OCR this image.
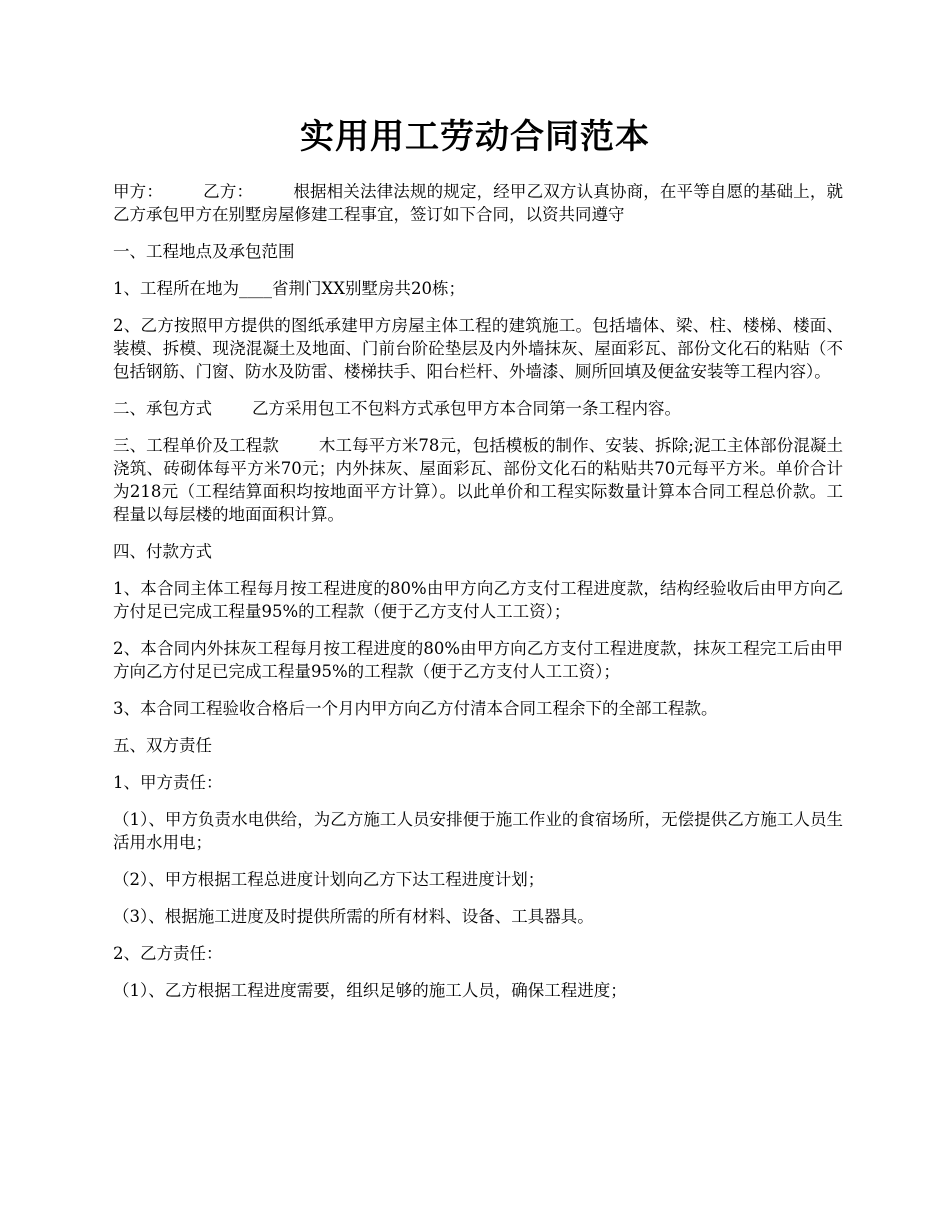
实用用工劳动合同范本

甲方： 乙方： 根据相关法律法规的规定，经甲乙双方认真协商，在平等自愿的基础上，就乙方承包甲方在别墅房屋修建工程事宜，签订如下合同，以资共同遵守

一、工程地点及承包范围

1、工程所在地为____省荆门XX别墅房共20栋；

2、乙方按照甲方提供的图纸承建甲方房屋主体工程的建筑施工。包括墙体、梁、柱、楼梯、楼面、装模、拆模、现浇混凝土及地面、门前台阶砼垫层及内外墙抹灰、屋面彩瓦、部份文化石的粘贴（不包括钢筋、门窗、防水及防雷、楼梯扶手、阳台栏杆、外墙漆、厕所回填及便盆安装等工程内容）。

二、承包方式 乙方采用包工不包料方式承包甲方本合同第一条工程内容。

三、工程单价及工程款 木工每平方米78元，包括模板的制作、安装、拆除;泥工主体部份混凝土浇筑、砖砌体每平方米70元；内外抹灰、屋面彩瓦、部份文化石的粘贴共70元每平方米。单价合计为218元（工程结算面积均按地面平方计算）。以此单价和工程实际数量计算本合同工程总价款。工程量以每层楼的地面面积计算。

四、付款方式

1、本合同主体工程每月按工程进度的80%由甲方向乙方支付工程进度款，结构经验收后由甲方向乙方付足已完成工程量95%的工程款（便于乙方支付人工工资）；

2、本合同内外抹灰工程每月按工程进度的80%由甲方向乙方支付工程进度款，抹灰工程完工后由甲方向乙方付足已完成工程量95%的工程款（便于乙方支付人工工资）；

3、本合同工程验收合格后一个月内甲方向乙方付清本合同工程余下的全部工程款。

五、双方责任

1、甲方责任：

（1）、甲方负责水电供给，为乙方施工人员安排便于施工作业的食宿场所，无偿提供乙方施工人员生活用水用电；

（2）、甲方根据工程总进度计划向乙方下达工程进度计划；

（3）、根据施工进度及时提供所需的所有材料、设备、工具器具。

2、乙方责任：

（1）、乙方根据工程进度需要，组织足够的施工人员，确保工程进度；
